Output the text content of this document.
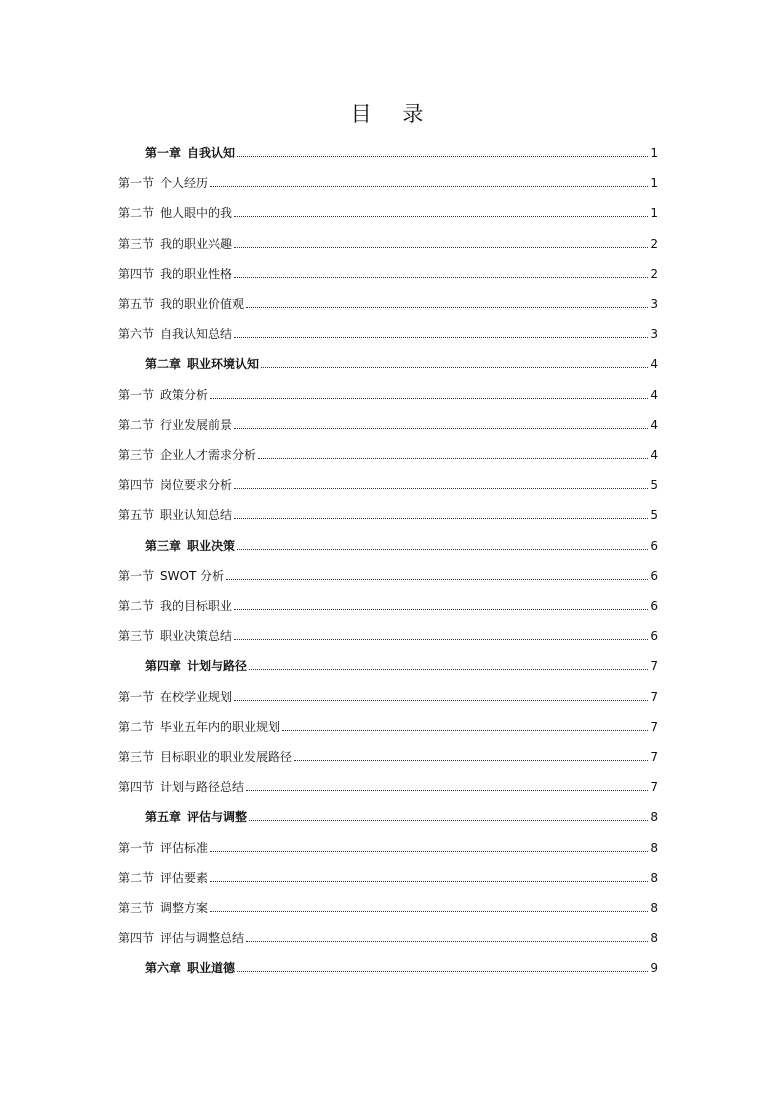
目 录
第一章 自我认知	1
第一节 个人经历	1
第二节 他人眼中的我	1
第三节 我的职业兴趣	2
第四节 我的职业性格	2
第五节 我的职业价值观	3
第六节 自我认知总结	3
第二章 职业环境认知	4
第一节 政策分析	4
第二节 行业发展前景	4
第三节 企业人才需求分析	4
第四节 岗位要求分析	5
第五节 职业认知总结	5
第三章 职业决策	6
第一节 SWOT 分析	6
第二节 我的目标职业	6
第三节 职业决策总结	6
第四章 计划与路径	7
第一节 在校学业规划	7
第二节 毕业五年内的职业规划	7
第三节 目标职业的职业发展路径	7
第四节 计划与路径总结	7
第五章 评估与调整	8
第一节 评估标准	8
第二节 评估要素	8
第三节 调整方案	8
第四节 评估与调整总结	8
第六章 职业道德	9
